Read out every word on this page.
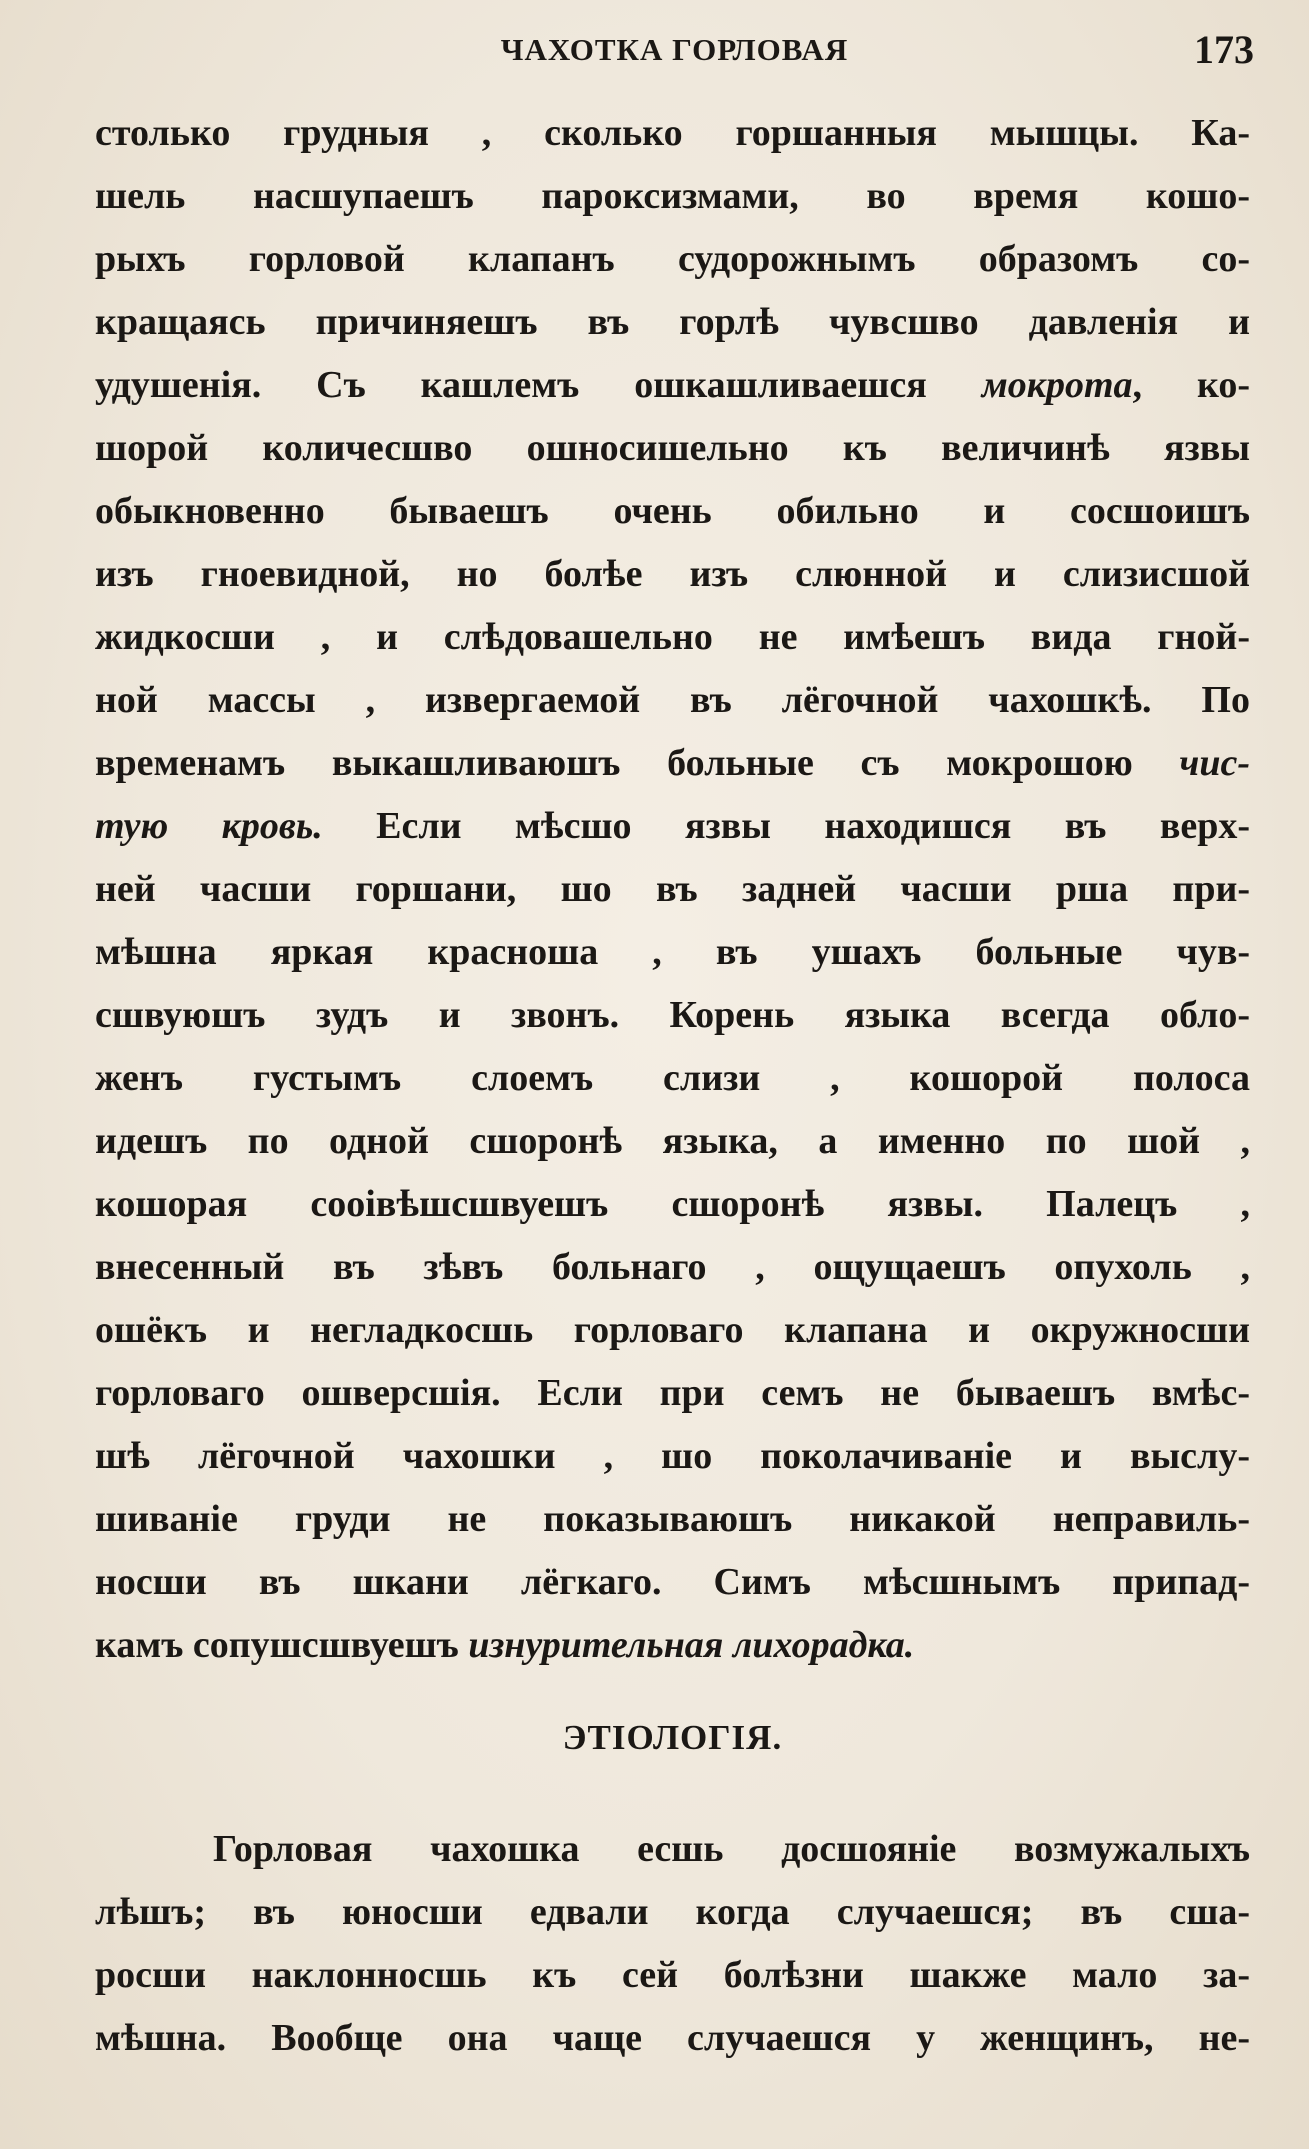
ЧАХОТКА ГОРЛОВАЯ	173
столько грудныя , сколько горшанныя мышцы. Ка-
шель насшупаешъ пароксизмами, во время кошо-
рыхъ горловой клапанъ судорожнымъ образомъ со-
кращаясь причиняешъ въ горлѣ чувсшво давленія и
удушенія. Съ кашлемъ ошкашливаешся мокрота, ко-
шорой количесшво ошносишельно къ величинѣ язвы
обыкновенно бываешъ очень обильно и сосшоишъ
изъ гноевидной, но болѣе изъ слюнной и слизисшой
жидкосши , и слѣдовашельно не имѣешъ вида гной-
ной массы , извергаемой въ лёгочной чахошкѣ. По
временамъ выкашливаюшъ больные съ мокрошою чис-
тую кровь. Если мѣсшо язвы находишся въ верх-
ней часши горшани, шо въ задней часши рша при-
мѣшна яркая красноша , въ ушахъ больные чув-
сшвуюшъ зудъ и звонъ. Корень языка всегда обло-
женъ густымъ слоемъ слизи , кошорой полоса
идешъ по одной сшоронѣ языка, а именно по шой ,
кошорая сооiвѣшсшвуешъ сшоронѣ язвы. Палецъ ,
внесенный въ зѣвъ больнаго , ощущаешъ опухоль ,
ошёкъ и негладкосшь горловаго клапана и окружносши
горловаго ошверсшія. Если при семъ не бываешъ вмѣс-
шѣ лёгочной чахошки , шо поколачиваніе и выслу-
шиваніе груди не показываюшъ никакой неправиль-
носши въ шкани лёгкаго. Симъ мѣсшнымъ припад-
камъ сопушсшвуешъ изнурительная лихорадка.
ЭТІОЛОГІЯ.
Горловая чахошка есшь досшояніе возмужалыхъ
лѣшъ; въ юносши едвали когда случаешся; въ сша-
росши наклонносшь къ сей болѣзни шакже мало за-
мѣшна. Вообще она чаще случаешся у женщинъ, не-
